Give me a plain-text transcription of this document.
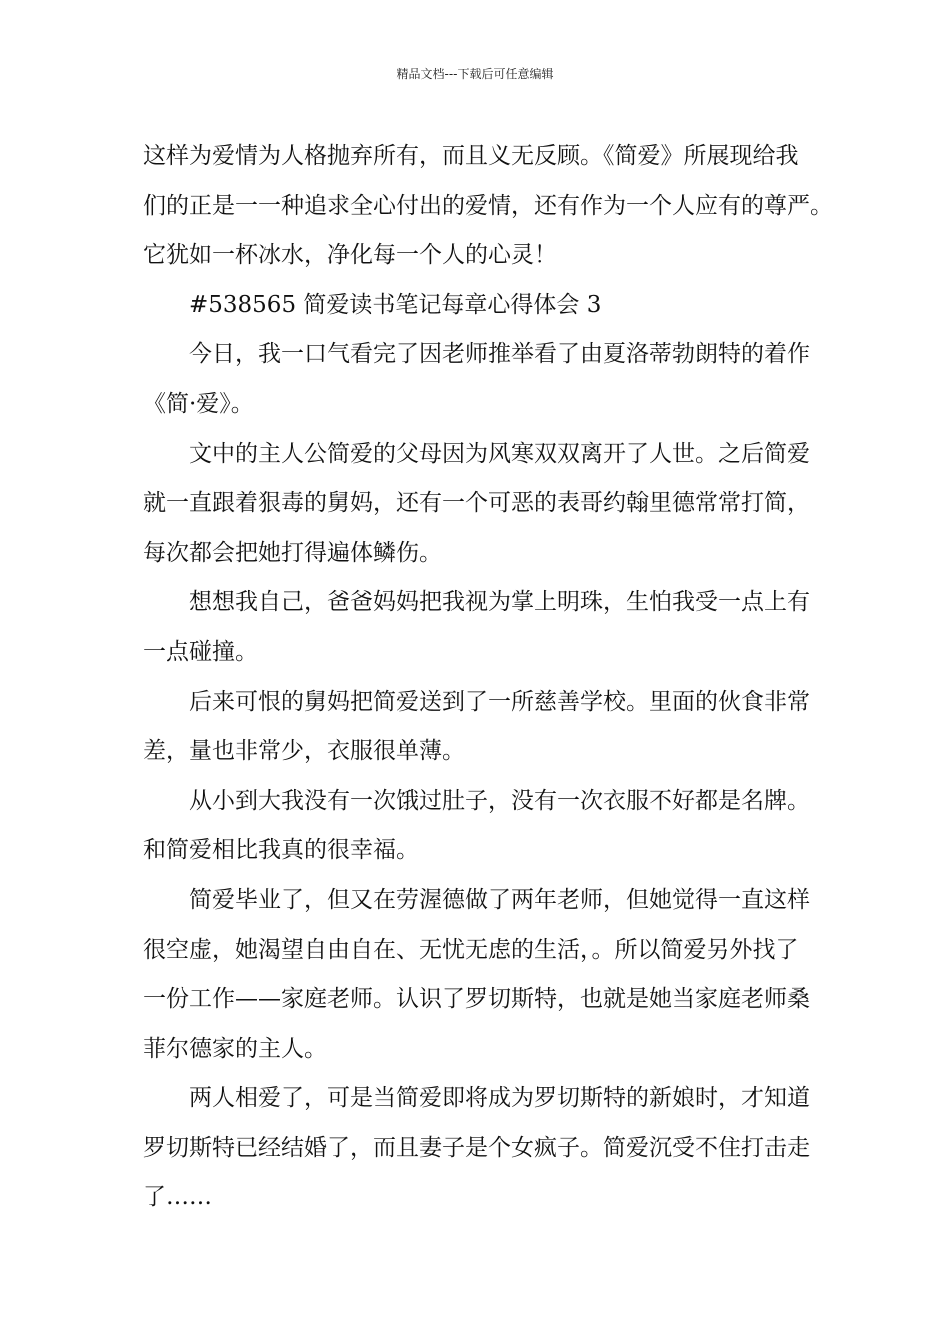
精品文档---下载后可任意编辑

这样为爱情为人格抛弃所有，而且义无反顾。《简爱》所展现给我
们的正是一一种追求全心付出的爱情，还有作为一个人应有的尊严。
它犹如一杯冰水，净化每一个人的心灵！

#538565 简爱读书笔记每章心得体会 3

今日，我一口气看完了因老师推举看了由夏洛蒂勃朗特的着作
《简·爱》。

文中的主人公简爱的父母因为风寒双双离开了人世。之后简爱
就一直跟着狠毒的舅妈，还有一个可恶的表哥约翰里德常常打简，
每次都会把她打得遍体鳞伤。

想想我自己，爸爸妈妈把我视为掌上明珠，生怕我受一点上有
一点碰撞。

后来可恨的舅妈把简爱送到了一所慈善学校。里面的伙食非常
差，量也非常少，衣服很单薄。

从小到大我没有一次饿过肚子，没有一次衣服不好都是名牌。
和简爱相比我真的很幸福。

简爱毕业了，但又在劳渥德做了两年老师，但她觉得一直这样
很空虚，她渴望自由自在、无忧无虑的生活，。所以简爱另外找了
一份工作——家庭老师。认识了罗切斯特，也就是她当家庭老师桑
菲尔德家的主人。

两人相爱了，可是当简爱即将成为罗切斯特的新娘时，才知道
罗切斯特已经结婚了，而且妻子是个女疯子。简爱沉受不住打击走
了……
